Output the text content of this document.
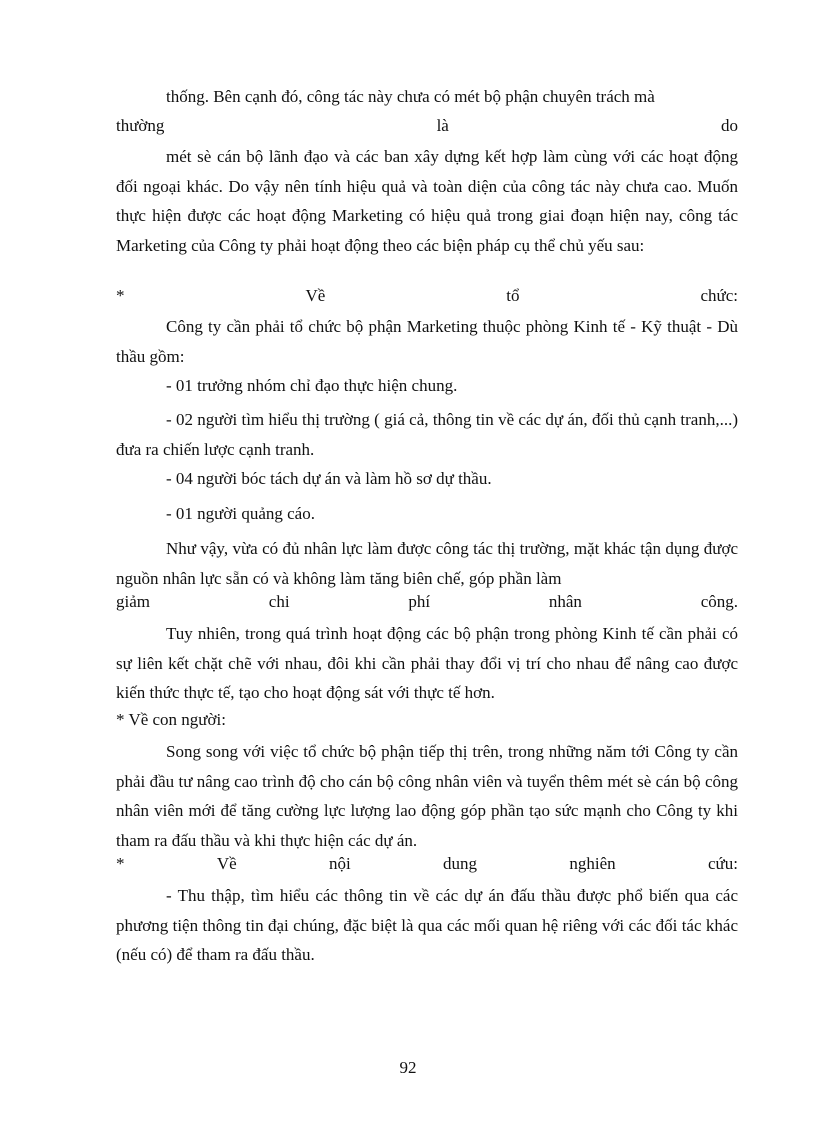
thống. Bên cạnh đó, công tác này chưa có mét bộ phận chuyên trách mà

thường	là	do

mét sè cán bộ lãnh đạo và các ban xây dựng kết hợp làm cùng với các hoạt động đối ngoại khác. Do vậy nên tính hiệu quả và toàn diện của công tác này chưa cao. Muốn thực hiện được các hoạt động Marketing có hiệu quả trong giai đoạn hiện nay, công tác Marketing của Công ty phải hoạt động theo các biện pháp cụ thể chủ yếu sau:

*	Về	tổ	chức:

Công ty cần phải tổ chức bộ phận Marketing thuộc phòng Kinh tế - Kỹ thuật - Dù thầu gồm:

- 01 trưởng nhóm chỉ đạo thực hiện chung.

- 02 người tìm hiểu thị trường ( giá cả, thông tin về các dự án, đối thủ cạnh tranh,...) đưa ra chiến lược cạnh tranh.

- 04 người bóc tách dự án và làm hồ sơ dự thầu.

- 01 người quảng cáo.

Như vậy, vừa có đủ nhân lực làm được công tác thị trường, mặt khác tận dụng được nguồn nhân lực sẵn có và không làm tăng biên chế, góp phần làm

giảm	chi	phí	nhân	công.

Tuy nhiên, trong quá trình hoạt động các bộ phận trong phòng Kinh tế cần phải có sự liên kết chặt chẽ với nhau, đôi khi cần phải thay đổi vị trí cho nhau để nâng cao được kiến thức thực tế, tạo cho hoạt động sát với thực tế hơn.

* Về con người:

Song song với việc tổ chức bộ phận tiếp thị trên, trong những năm tới Công ty cần phải đầu tư nâng cao trình độ cho cán bộ công nhân viên và tuyển thêm mét sè cán bộ công nhân viên mới để tăng cường lực lượng lao động góp phần tạo sức mạnh cho Công ty khi tham ra đấu thầu và khi thực hiện các dự án.

*	Về	nội	dung	nghiên	cứu:

- Thu thập, tìm hiểu các thông tin về các dự án đấu thầu được phổ biến qua các phương tiện thông tin đại chúng, đặc biệt là qua các mối quan hệ riêng với các đối tác khác (nếu có) để tham ra đấu thầu.

92
